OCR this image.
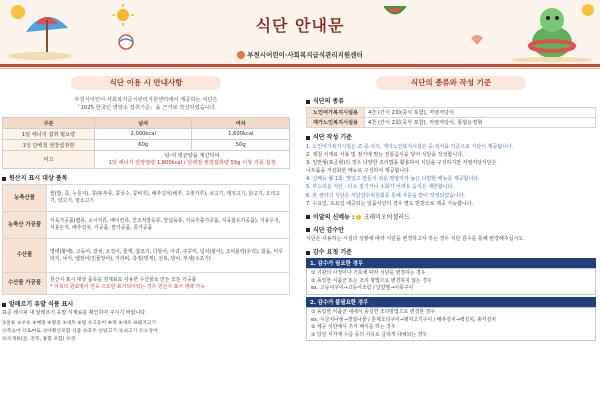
식단 안내문
부천시어린이·사회복지급식관리지원센터
식단 이용 시 안내사항
부천시어린이·사회복지급식관리지원센터에서 제공하는 식단은
「2025 한국인 영양소 섭취기준」을 근거로 작성하였습니다.
구분	남자	여자
1일 에너지 섭취 필요량	2,000kcal	1,600kcal
1일 단백질 권장섭취량	60g	50g
비고	남·여 평균량을 계산하여
1일 에너지 권장열량 1,800kcal / 단백질 권장섭취량 55g 이상 기준 설정	
원산지 표시 대상 품목
농축산물	쌀(밥, 죽, 누룽지), 콩(두부류, 콩국수, 콩비지), 배추김치(배추, 고춧가루), 쇠고기, 돼지고기, 닭고기, 오리고기, 양고기, 염소고기
농축산 가공품	식육가공품(햄류, 소시지류, 베이컨류, 건조저장육류, 양념육류, 식육추출가공품, 식육함유가공품), 식용우지, 식용돈지, 배추김치, 가공품, 쌀가공품, 콩가공품
수산물	명태(황태), 고등어, 갈치, 오징어, 꽃게, 참조기, 다랑어, 아귀, 주꾸미, 넙치(광어), 조피볼락(우럭), 참돔, 미꾸라지, 낙지, 뱀장어(민물장어), 가리비, 측정(멍게), 전복, 방어, 부세(수조기)
수산물 가공품	원산지 표시 대상 품목을 원재료로 사용한 수산물로 만든 모든 가공품
* 어묵의 원료명이 연육·으로만 표기되어있는 경우 원산지 표시 생략 가능
알레르기 유발 식품 표시
표준 레시피 내 알레르기 유발 식재료를 확인하여 주시기 바랍니다.
①알류 ②우유 ③메밀 ④땅콩 ⑤대두 ⑥밀 ⑦고등어 ⑧게 ⑨새우 ⑩돼지고기
⑪복숭아 ⑫토마토 ⑬아황산포함 식품 ⑭호두 ⑮닭고기 ⑯쇠고기 ⑰오징어
⑱조개류(굴, 전복, 홍합 포함) ⑲잣
식단의 종류와 작성 기준
식단의 종류
노인여가복지시설용	4찬 (간식 2회(죽식 포함), 저염저당식
재가노인복지시설용	4찬 (간식 2회(죽식 포함), 저염저당식, 통합운영형
식단 작성 기준
1. 노인여가복지시설은 조·중·석식, 재가노인복지시설은 중·석식을 기준으로 식단이 제공됩니다.
2. 제철 식재료 사용 및 절기에 맞는 전통음식을 넣어 식단을 작성합니다.
3. 일반형(표준형)의 경우 다양한 조리법을 활용하여 식단을 구성하지만 저염저당식단은
나트륨을 저감화한 메뉴로 구성하여 제공합니다.
4. 신메뉴 월 1회: 맛있고 만들기 쉬운 영양가가 높은 다양한 메뉴를 제공합니다.
5. 부드러운 식단 : 다소 질기거나 소화가 어려운 음식은 제한합니다.
6. 본 센터의 식단은 식단감수위원회를 통해 자문을 받아 작성되었습니다.
7. 수요일, 토요일 제공되는 일품식단의 경우 별도 반찬으로 제공 가능합니다.
이달의 신메뉴 : 크래미오이샐러드
식단 감수안
식단은 사용하는 시설의 상황에 따라 식단을 변경하고자 하는 경우 식단 감수를 통해 변경해주십시오.
감수 요청 기준
1. 감수가 필요한 경우
① 기관의 사정이나 기호에 따라 식단을 변경하는 경우
② 동일한 식품군 또는 조리 방법으로 변경하지 않는 경우
ex. 고등어구이→고등어조림 / 달걀찜→어묵구이
2. 감수가 불필요한 경우
① 동일한 식품군 내에서 동일한 조리방법으로 변경한 경우
ex. 시금치나물→깻잎나물 / 훈제오리구이→돼지고기구이 / 배추김치→백김치, 총각김치
② 제공 식단에서 주가 배식을 하는 경우
③ 당일 식자재 수급 등의 사유로 급하게 대체되는 경우
